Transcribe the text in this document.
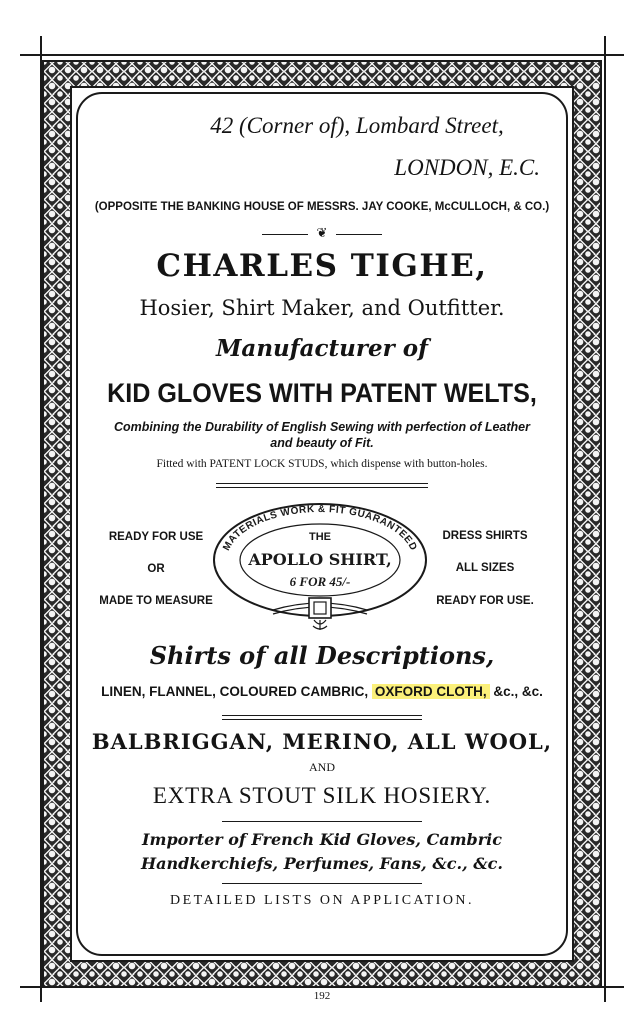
42 (Corner of), Lombard Street,
LONDON, E.C.
(OPPOSITE THE BANKING HOUSE OF MESSRS. JAY COOKE, McCULLOCH, & CO.)
❦
CHARLES TIGHE,
Hosier, Shirt Maker, and Outfitter.
Manufacturer of
KID GLOVES WITH PATENT WELTS,
Combining the Durability of English Sewing with perfection of Leather and beauty of Fit.
Fitted with PATENT LOCK STUDS, which dispense with button-holes.
READY FOR USE
OR
MADE TO MEASURE
DRESS SHIRTS
ALL SIZES
READY FOR USE.
MATERIALS WORK & FIT GUARANTEED
THE
APOLLO SHIRT,
6 FOR 45/-
Shirts of all Descriptions,
LINEN, FLANNEL, COLOURED CAMBRIC, OXFORD CLOTH, &c., &c.
BALBRIGGAN, MERINO, ALL WOOL,
AND
EXTRA STOUT SILK HOSIERY.
Importer of French Kid Gloves, Cambric Handkerchiefs, Perfumes, Fans, &c., &c.
DETAILED LISTS ON APPLICATION.
192
